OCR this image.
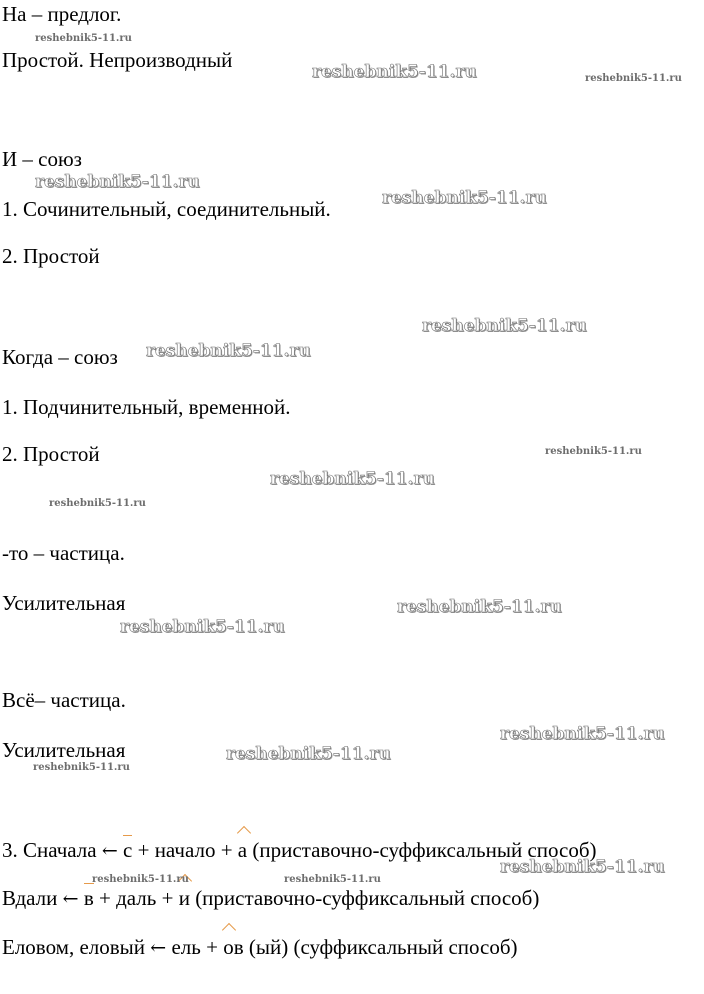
На – предлог.
Простой. Непроизводный
И – союз
1. Сочинительный, соединительный.
2. Простой
Когда – союз
1. Подчинительный, временной.
2. Простой
-то – частица.
Усилительная
Всё– частица.
Усилительная
3. Сначала ← с + начало + а (приставочно-суффиксальный способ)
Вдали ← в + даль + и (приставочно-суффиксальный способ)
Еловом, еловый ← ель + ов (ый) (суффиксальный способ)
reshebnik5-11.ru
reshebnik5-11.ru	reshebnik5-11.ru
reshebnik5-11.ru
reshebnik5-11.ru
reshebnik5-11.ru
reshebnik5-11.ru
reshebnik5-11.ru
reshebnik5-11.ru
reshebnik5-11.ru
reshebnik5-11.ru
reshebnik5-11.ru
reshebnik5-11.ru
reshebnik5-11.ru
reshebnik5-11.ru
reshebnik5-11.ru
reshebnik5-11.ru	reshebnik5-11.ru
